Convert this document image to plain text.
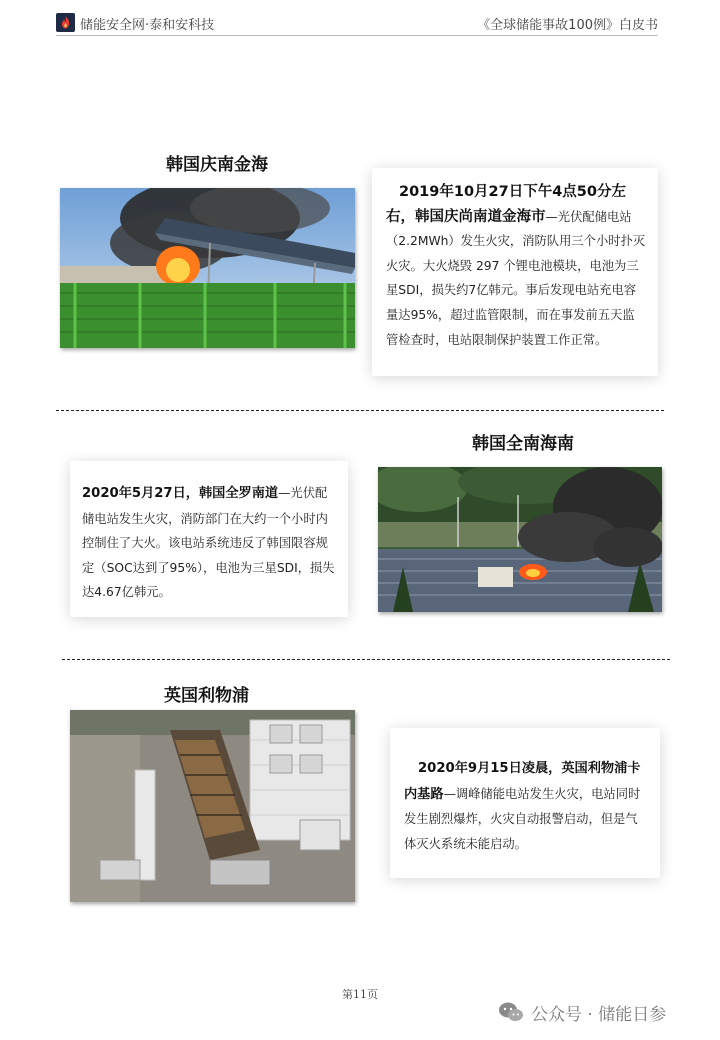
储能安全网·泰和安科技	《全球储能事故100例》白皮书
韩国庆南金海
2019年10月27日下午4点50分左右，韩国庆尚南道金海市—光伏配储电站（2.2MWh）发生火灾，消防队用三个小时扑灭火灾。大火烧毁 297 个锂电池模块，电池为三星SDI，损失约7亿韩元。事后发现电站充电容量达95%，超过监管限制，而在事发前五天监管检查时，电站限制保护装置工作正常。
韩国全南海南
2020年5月27日，韩国全罗南道—光伏配储电站发生火灾，消防部门在大约一个小时内控制住了大火。该电站系统违反了韩国限容规定（SOC达到了95%），电池为三星SDI，损失达4.67亿韩元。
英国利物浦
2020年9月15日凌晨，英国利物浦卡内基路—调峰储能电站发生火灾，电站同时发生剧烈爆炸，火灾自动报警启动，但是气体灭火系统未能启动。
第11页
公众号 · 储能日参
